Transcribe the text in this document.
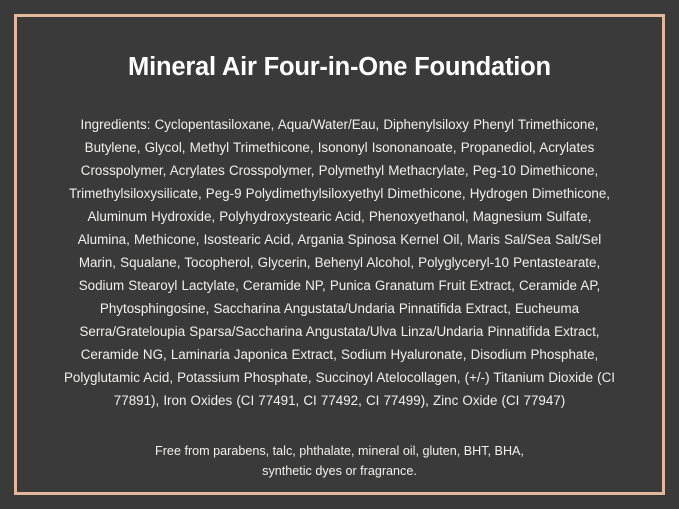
Mineral Air Four-in-One Foundation

Ingredients: Cyclopentasiloxane, Aqua/Water/Eau, Diphenylsiloxy Phenyl Trimethicone, Butylene, Glycol, Methyl Trimethicone, Isononyl Isononanoate, Propanediol, Acrylates Crosspolymer, Acrylates Crosspolymer, Polymethyl Methacrylate, Peg-10 Dimethicone, Trimethylsiloxysilicate, Peg-9 Polydimethylsiloxyethyl Dimethicone, Hydrogen Dimethicone, Aluminum Hydroxide, Polyhydroxystearic Acid, Phenoxyethanol, Magnesium Sulfate, Alumina, Methicone, Isostearic Acid, Argania Spinosa Kernel Oil, Maris Sal/Sea Salt/Sel Marin, Squalane, Tocopherol, Glycerin, Behenyl Alcohol, Polyglyceryl-10 Pentastearate, Sodium Stearoyl Lactylate, Ceramide NP, Punica Granatum Fruit Extract, Ceramide AP, Phytosphingosine, Saccharina Angustata/Undaria Pinnatifida Extract, Eucheuma Serra/Grateloupia Sparsa/Saccharina Angustata/Ulva Linza/Undaria Pinnatifida Extract, Ceramide NG, Laminaria Japonica Extract, Sodium Hyaluronate, Disodium Phosphate, Polyglutamic Acid, Potassium Phosphate, Succinoyl Atelocollagen, (+/-) Titanium Dioxide (CI 77891), Iron Oxides (CI 77491, CI 77492, CI 77499), Zinc Oxide (CI 77947)

Free from parabens, talc, phthalate, mineral oil, gluten, BHT, BHA,
synthetic dyes or fragrance.
